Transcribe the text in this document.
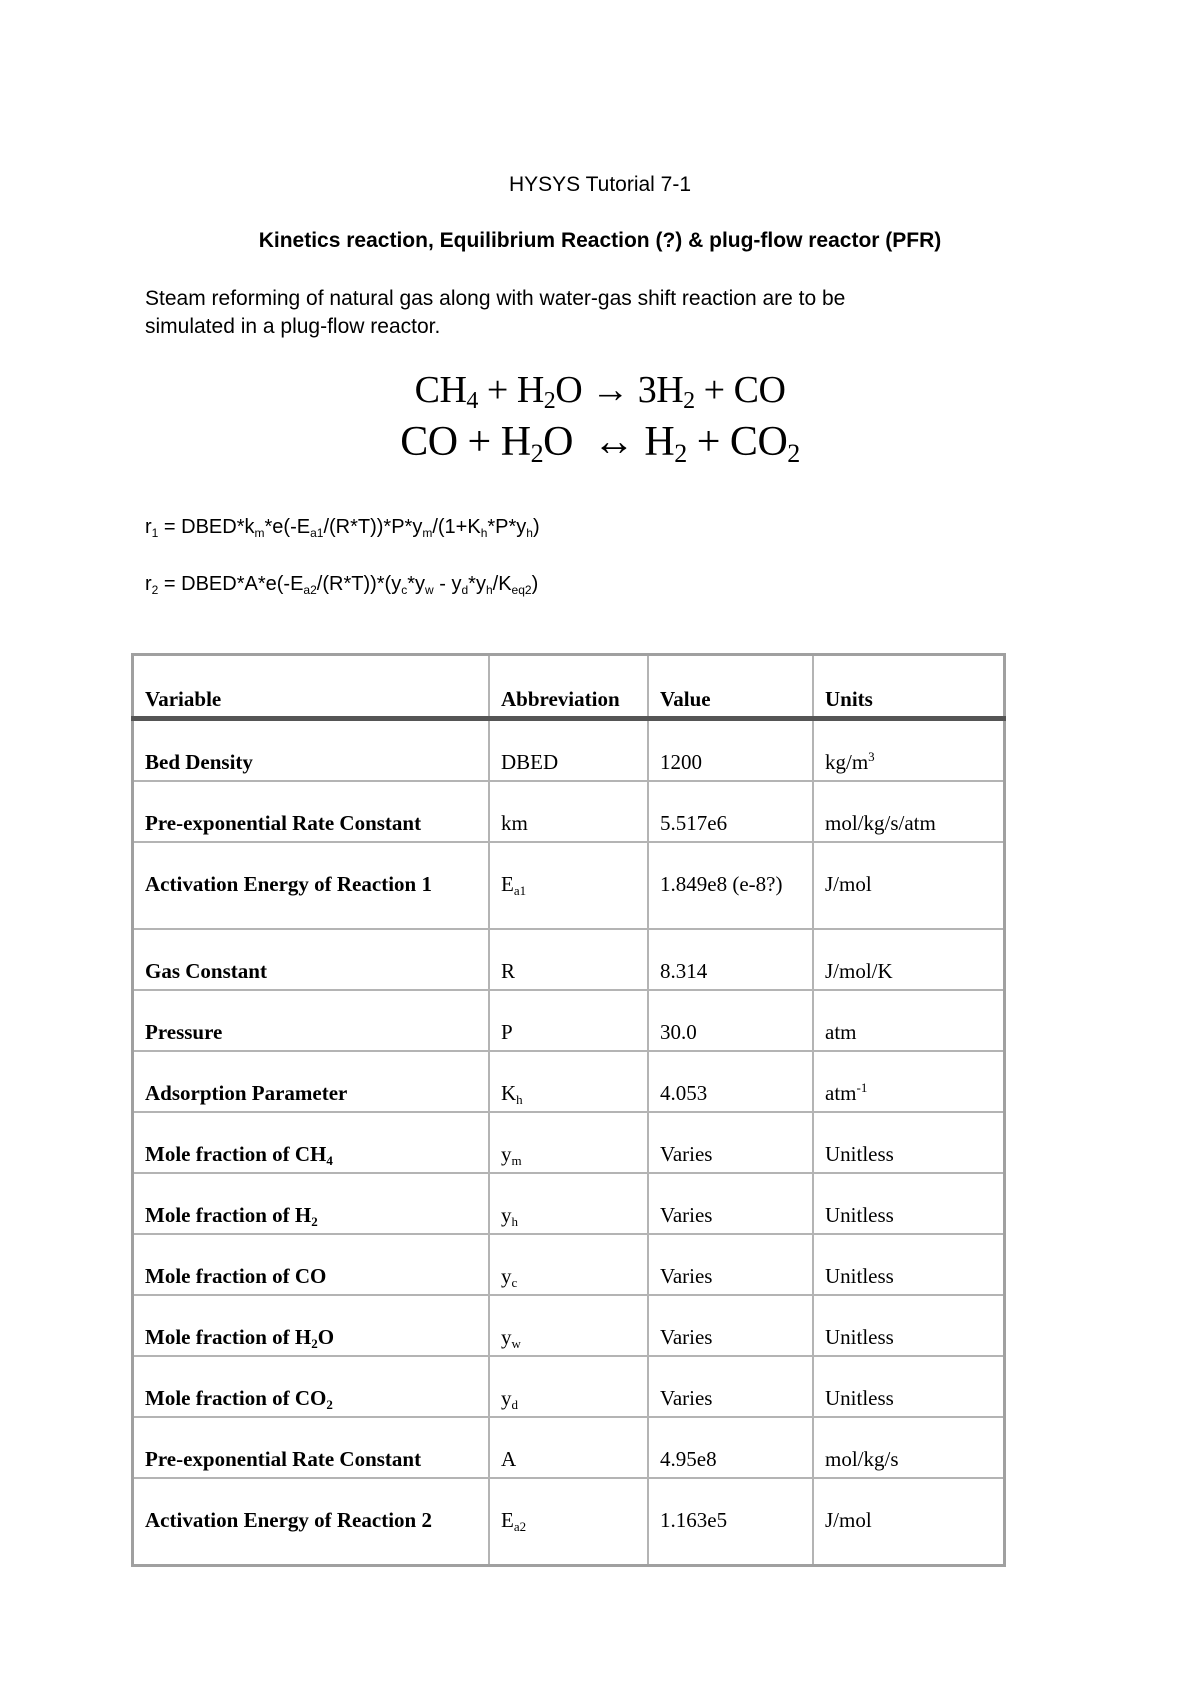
HYSYS Tutorial 7-1
Kinetics reaction, Equilibrium Reaction (?) & plug-flow reactor (PFR)
Steam reforming of natural gas along with water-gas shift reaction are to be
simulated in a plug-flow reactor.
$CH_4 + H_2O \to 3H_2$ + CO
CO + $H_2O$  ↔ $H_2 + CO_2$
$r_1$ = $DBED*k_m*e(-E_{a1}/(R*T))*P*y_m/(1+K_h*P*y_h)$
$r_2$ = $DBED*A*e(-E_{a2}/(R*T))*(y_c*y_w - y_d*y_h/K_{eq2})$
Variable	Abbreviation	Value	Units
Bed Density	DBED	1200	$kg/m^3$
Pre-exponential Rate Constant	km	5.517e6	mol/kg/s/atm
Activation Energy of Reaction 1	$E_{a1}$	1.849e8 (e-8?)	J/mol
Gas Constant	R	8.314	J/mol/K
Pressure	P	30.0	atm
Adsorption Parameter	$K_h$	4.053	atm$^{-1}$
Mole fraction of $CH_4$	$y_m$	Varies	Unitless
Mole fraction of $H_2$	$y_h$	Varies	Unitless
Mole fraction of CO	$y_c$	Varies	Unitless
Mole fraction of $H_2O$	$y_w$	Varies	Unitless
Mole fraction of $CO_2$	$y_d$	Varies	Unitless
Pre-exponential Rate Constant	A	4.95e8	mol/kg/s
Activation Energy of Reaction 2	$E_{a2}$	1.163e5	J/mol
